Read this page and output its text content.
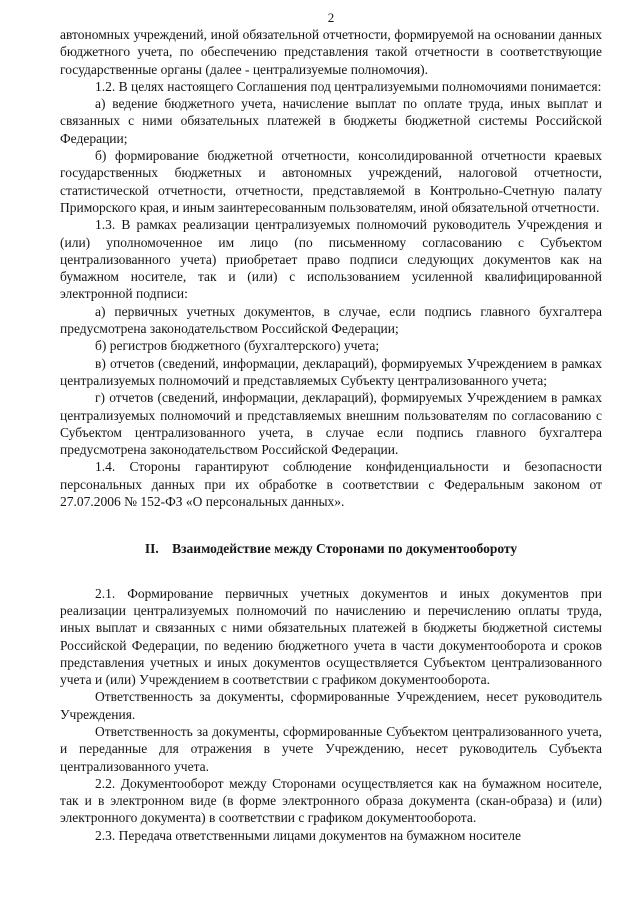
2

автономных учреждений, иной обязательной отчетности, формируемой на основании данных бюджетного учета, по обеспечению представления такой отчетности в соответствующие государственные органы (далее - централизуемые полномочия).

1.2. В целях настоящего Соглашения под централизуемыми полномочиями понимается:

а) ведение бюджетного учета, начисление выплат по оплате труда, иных выплат и связанных с ними обязательных платежей в бюджеты бюджетной системы Российской Федерации;

б) формирование бюджетной отчетности, консолидированной отчетности краевых государственных бюджетных и автономных учреждений, налоговой отчетности, статистической отчетности, отчетности, представляемой в Контрольно-Счетную палату Приморского края, и иным заинтересованным пользователям, иной обязательной отчетности.

1.3. В рамках реализации централизуемых полномочий руководитель Учреждения и (или) уполномоченное им лицо (по письменному согласованию с Субъектом централизованного учета) приобретает право подписи следующих документов как на бумажном носителе, так и (или) с использованием усиленной квалифицированной электронной подписи:

а) первичных учетных документов, в случае, если подпись главного бухгалтера предусмотрена законодательством Российской Федерации;

б) регистров бюджетного (бухгалтерского) учета;

в) отчетов (сведений, информации, деклараций), формируемых Учреждением в рамках централизуемых полномочий и представляемых Субъекту централизованного учета;

г) отчетов (сведений, информации, деклараций), формируемых Учреждением в рамках централизуемых полномочий и представляемых внешним пользователям по согласованию с Субъектом централизованного учета, в случае если подпись главного бухгалтера предусмотрена законодательством Российской Федерации.

1.4. Стороны гарантируют соблюдение конфиденциальности и безопасности персональных данных при их обработке в соответствии с Федеральным законом от 27.07.2006 № 152-ФЗ «О персональных данных».

II. Взаимодействие между Сторонами по документообороту

2.1. Формирование первичных учетных документов и иных документов при реализации централизуемых полномочий по начислению и перечислению оплаты труда, иных выплат и связанных с ними обязательных платежей в бюджеты бюджетной системы Российской Федерации, по ведению бюджетного учета в части документооборота и сроков представления учетных и иных документов осуществляется Субъектом централизованного учета и (или) Учреждением в соответствии с графиком документооборота.

Ответственность за документы, сформированные Учреждением, несет руководитель Учреждения.

Ответственность за документы, сформированные Субъектом централизованного учета, и переданные для отражения в учете Учреждению, несет руководитель Субъекта централизованного учета.

2.2. Документооборот между Сторонами осуществляется как на бумажном носителе, так и в электронном виде (в форме электронного образа документа (скан-образа) и (или) электронного документа) в соответствии с графиком документооборота.

2.3. Передача ответственными лицами документов на бумажном носителе
